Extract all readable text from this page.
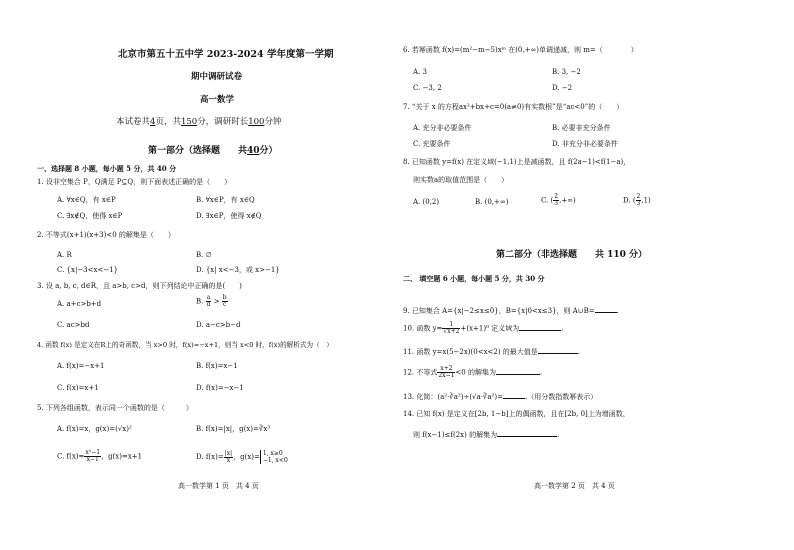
北京市第五十五中学 2023-2024 学年度第一学期
期中调研试卷
高一数学
本试卷共4页，共150分，调研时长100分钟
第一部分（选择题　　共40分）
一、选择题 8 小题，每小题 5 分，共 40 分
1. 设非空集合 P，Q满足 P⊆Q，则下面表述正确的是（　　）
A. ∀x∈Q，有 x∈P	B. ∀x∈P，有 x∈Q
C. ∃x∉Q，使得 x∈P	D. ∃x∈P，使得 x∉Q
2. 不等式(x+1)(x+3)<0 的解集是（　　）
A. R	B. ∅
C. {x|−3<x<−1}	D. {x| x<−3，或 x>−1}
3. 设 a, b, c, d∈R，且 a>b, c>d，则下列结论中正确的是(　　)
A. a+c>b+d	B. $\frac{a}{d} > \frac{b}{c}$
C. ac>bd	D. a−c>b−d
4. 函数 f(x) 是定义在R上的奇函数，当 x>0 时，f(x)=−x+1，则当 x<0 时，f(x)的解析式为（　）
A. f(x)=−x+1	B. f(x)=x−1
C. f(x)=x+1	D. f(x)=−x−1
5. 下列各组函数，表示同一个函数的是（　　　）
A. f(x)=x，g(x)=(√x)²	B. f(x)=|x|，g(x)=∛x³
C. $f(x)= \frac{\text{x²−1}}{x-1}$ ，g(x)=x+1	D. $f(x)= \frac{|x|}{x}$ ，g(x)= 1, x≥0
−1, x<0
高一数学第 1 页　共 4 页
6. 若幂函数 f(x)=(m²−m−5)xᵐ 在(0,+∞)单调递减，则 m=（　　　　）
A. 3	B. 3, −2
C. −3, 2	D. −2
7. “关于 x 的方程ax²+bx+c=0(a≠0)有实数根”是“ac<0”的（　　）
A. 充分非必要条件	B. 必要非充分条件
C. 充要条件	D. 非充分非必要条件
8. 已知函数 y=f(x) 在定义域(−1,1)上是减函数，且 f(2a−1)<f(1−a)，
则实数a的取值范围是（　　）
A. (0,2)	B. (0,+∞)	C. ( $\frac{2}{3}$ ,+∞)	D. ( $\frac{2}{3} ,1$)
第二部分（非选择题　　共 110 分）
二、 填空题 6 小题，每小题 5 分，共 30 分
9. 已知集合 A={x|−2≤x≤0}，B={x|0<x≤3}，则 A∪B=	.
10. 函数 $y= \frac{1}{√x+2} +(x+1)^0$ 定义域为	.
11. 函数 y=x(5−2x)(0<x<2) 的最大值是	.
12. 不等式 $\frac{x+2}{2x-1} <0$ 的解集为	.
13. 化简：(a²·∛a²)÷(√a·∛a²)=	.（用分数指数幂表示）
14. 已知 f(x) 是定义在[2b, 1−b]上的偶函数，且在[2b, 0]上为增函数，
则 f(x−1)≤f(2x) 的解集为	.
高一数学第 2 页　共 4 页
